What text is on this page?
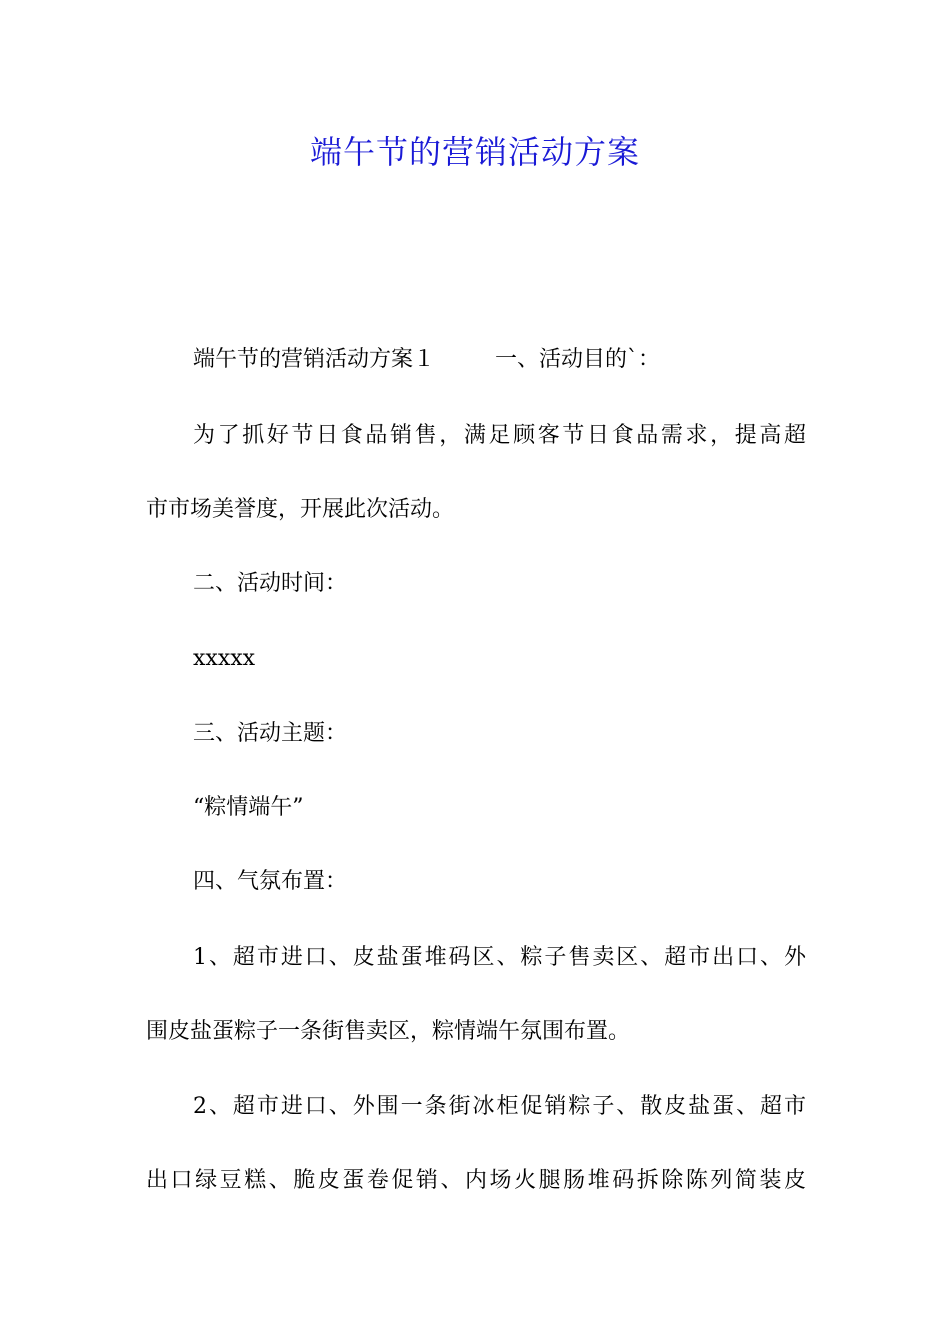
端午节的营销活动方案
端午节的营销活动方案１	一、活动目的`：
为了抓好节日食品销售，满足顾客节日食品需求，提高超
市市场美誉度，开展此次活动。
二、活动时间：
xxxxx
三、活动主题：
“粽情端午”
四、气氛布置：
1、超市进口、皮盐蛋堆码区、粽子售卖区、超市出口、外
围皮盐蛋粽子一条街售卖区，粽情端午氛围布置。
2、超市进口、外围一条街冰柜促销粽子、散皮盐蛋、超市
出口绿豆糕、脆皮蛋卷促销、内场火腿肠堆码拆除陈列简装皮
